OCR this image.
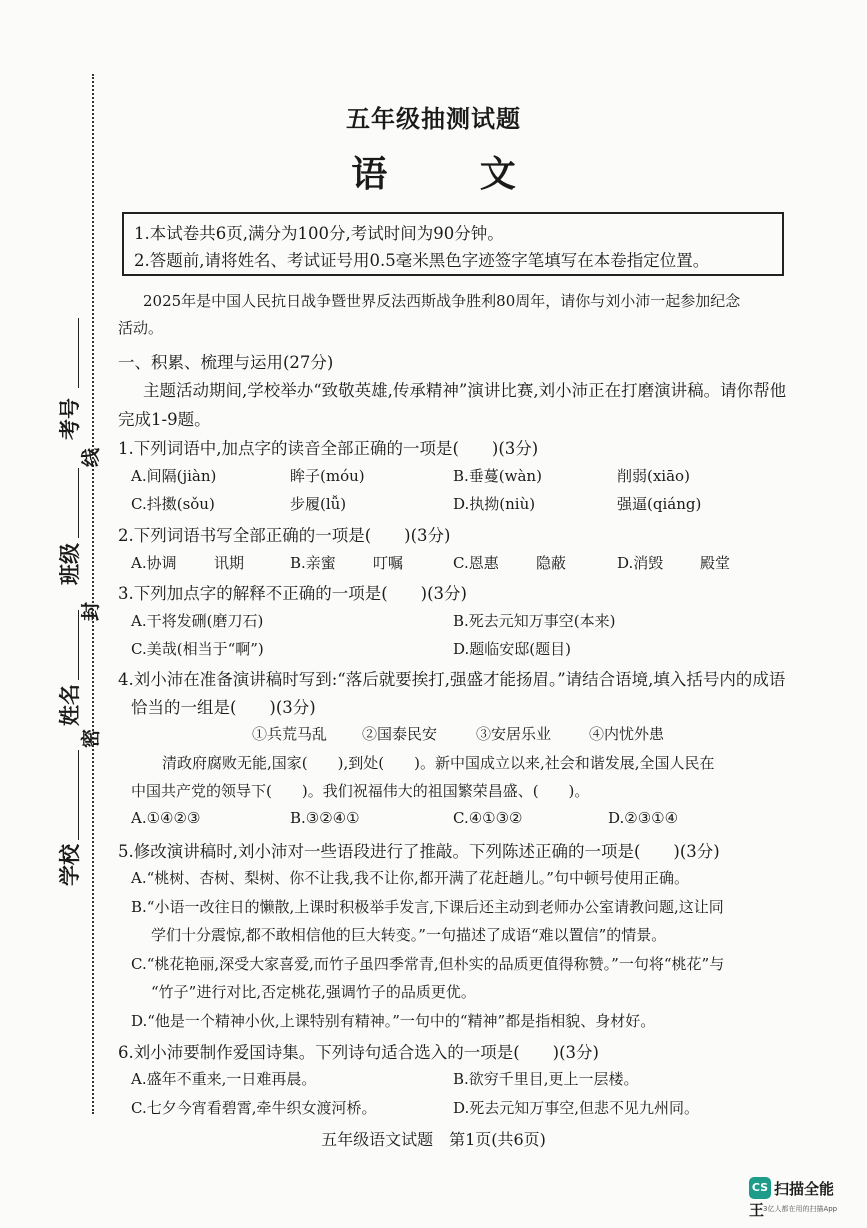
考号
线
班级
封
姓名
密
学校
五年级抽测试题
语 文
1.本试卷共6页,满分为100分,考试时间为90分钟。
2.答题前,请将姓名、考试证号用0.5毫米黑色字迹签字笔填写在本卷指定位置。
2025年是中国人民抗日战争暨世界反法西斯战争胜利80周年，请你与刘小沛一起参加纪念
活动。
一、积累、梳理与运用(27分)
主题活动期间,学校举办“致敬英雄,传承精神”演讲比赛,刘小沛正在打磨演讲稿。请你帮他
完成1-9题。
1.下列词语中,加点字的读音全部正确的一项是(　　)(3分)
A.间隔(jiàn)	眸子(móu)	B.垂蔓(wàn)	削弱(xiāo)
C.抖擞(sǒu)	步履(lǚ)	D.执拗(niù)	强逼(qiáng)
2.下列词语书写全部正确的一项是(　　)(3分)
A.协调 讯期	B.亲蜜 叮嘱	C.恩惠 隐蔽	D.消毁 殿堂
3.下列加点字的解释不正确的一项是(　　)(3分)
A.干将发硎(磨刀石)	B.死去元知万事空(本来)
C.美哉(相当于“啊”)	D.题临安邸(题目)
4.刘小沛在准备演讲稿时写到:“落后就要挨打,强盛才能扬眉。”请结合语境,填入括号内的成语
恰当的一组是(　　)(3分)
①兵荒马乱 ②国泰民安	③安居乐业	④内忧外患
清政府腐败无能,国家(　　),到处(　　)。新中国成立以来,社会和谐发展,全国人民在
中国共产党的领导下(　　)。我们祝福伟大的祖国繁荣昌盛、(　　)。
A.①④②③	B.③②④①	C.④①③②	D.②③①④
5.修改演讲稿时,刘小沛对一些语段进行了推敲。下列陈述正确的一项是(　　)(3分)
A.“桃树、杏树、梨树、你不让我,我不让你,都开满了花赶趟儿。”句中顿号使用正确。
B.“小语一改往日的懒散,上课时积极举手发言,下课后还主动到老师办公室请教问题,这让同
学们十分震惊,都不敢相信他的巨大转变。”一句描述了成语“难以置信”的情景。
C.“桃花艳丽,深受大家喜爱,而竹子虽四季常青,但朴实的品质更值得称赞。”一句将“桃花”与
“竹子”进行对比,否定桃花,强调竹子的品质更优。
D.“他是一个精神小伙,上课特别有精神。”一句中的“精神”都是指相貌、身材好。
6.刘小沛要制作爱国诗集。下列诗句适合选入的一项是(　　)(3分)
A.盛年不重来,一日难再晨。	B.欲穷千里目,更上一层楼。
C.七夕今宵看碧霄,牵牛织女渡河桥。	D.死去元知万事空,但悲不见九州同。
五年级语文试题　第1页(共6页)
CS 扫描全能王
3亿人都在用的扫描App
